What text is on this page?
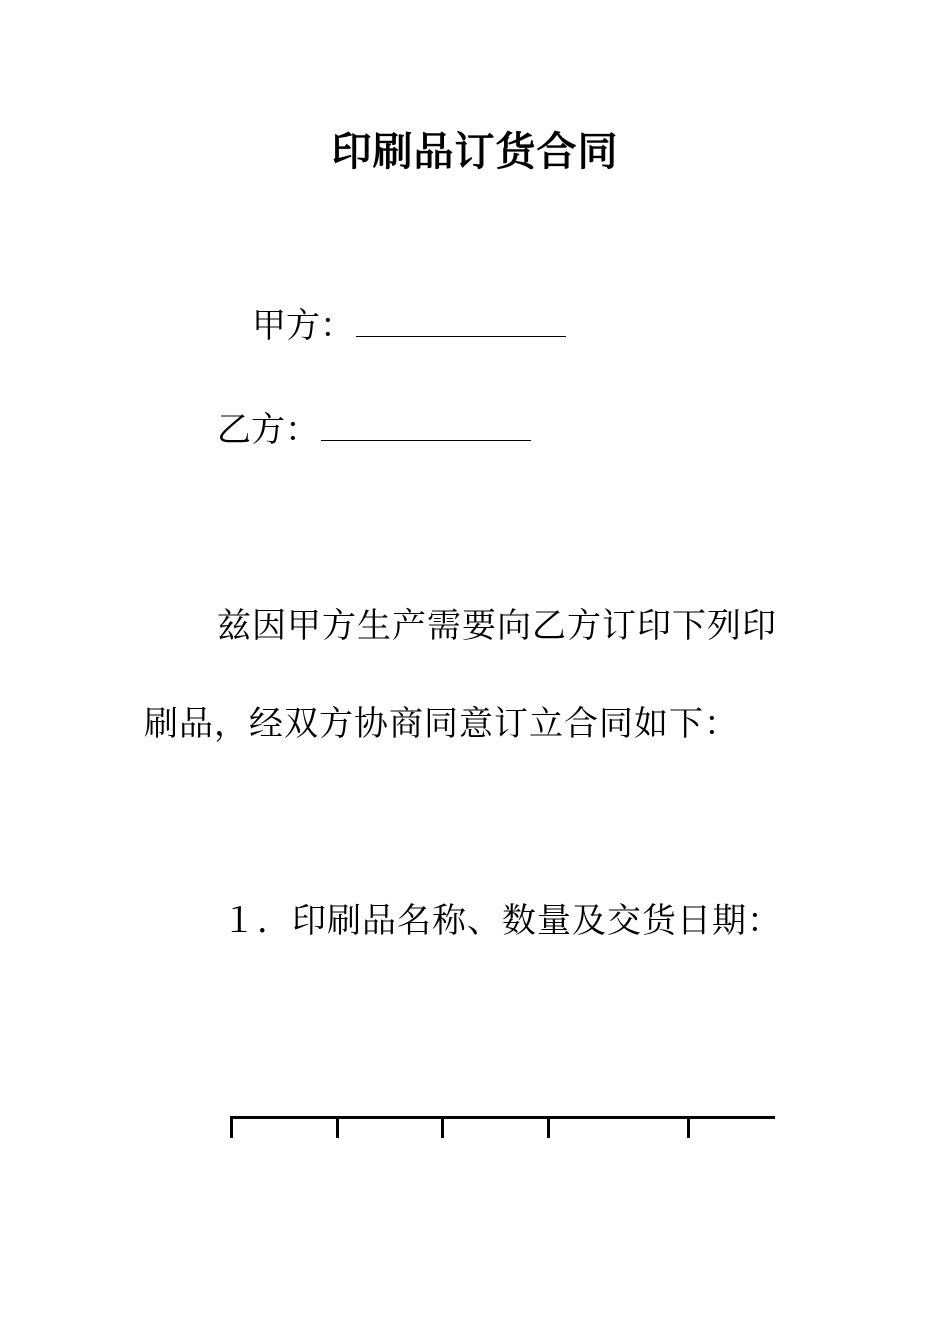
印刷品订货合同
甲方：
乙方：
兹因甲方生产需要向乙方订印下列印
刷品，经双方协商同意订立合同如下：
１．印刷品名称、数量及交货日期：
